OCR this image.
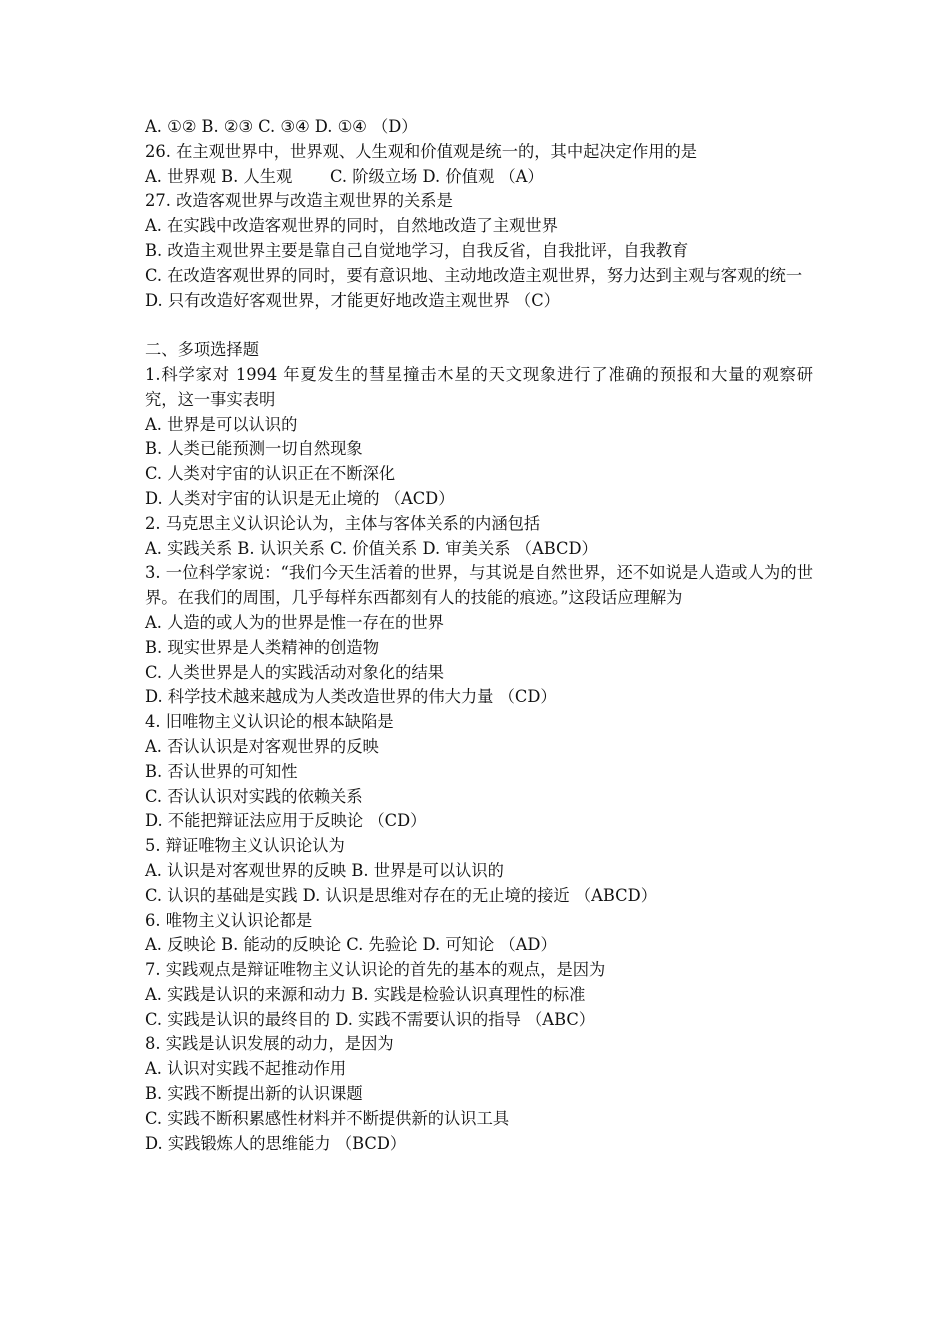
A. ①② B. ②③ C. ③④ D. ①④ （D）

26. 在主观世界中，世界观、人生观和价值观是统一的，其中起决定作用的是

A. 世界观 B. 人生观 　　C. 阶级立场 D. 价值观 （A）

27. 改造客观世界与改造主观世界的关系是

A. 在实践中改造客观世界的同时，自然地改造了主观世界

B. 改造主观世界主要是靠自己自觉地学习，自我反省，自我批评，自我教育

C. 在改造客观世界的同时，要有意识地、主动地改造主观世界，努力达到主观与客观的统一

D. 只有改造好客观世界，才能更好地改造主观世界 （C）

二、多项选择题

1.科学家对 1994 年夏发生的彗星撞击木星的天文现象进行了准确的预报和大量的观察研究，这一事实表明

A. 世界是可以认识的

B. 人类已能预测一切自然现象

C. 人类对宇宙的认识正在不断深化

D. 人类对宇宙的认识是无止境的 （ACD）

2. 马克思主义认识论认为，主体与客体关系的内涵包括

A. 实践关系 B. 认识关系 C. 价值关系 D. 审美关系 （ABCD）

3. 一位科学家说：“我们今天生活着的世界，与其说是自然世界，还不如说是人造或人为的世界。在我们的周围，几乎每样东西都刻有人的技能的痕迹。”这段话应理解为

A. 人造的或人为的世界是惟一存在的世界

B. 现实世界是人类精神的创造物

C. 人类世界是人的实践活动对象化的结果

D. 科学技术越来越成为人类改造世界的伟大力量 （CD）

4. 旧唯物主义认识论的根本缺陷是

A. 否认认识是对客观世界的反映

B. 否认世界的可知性

C. 否认认识对实践的依赖关系

D. 不能把辩证法应用于反映论 （CD）

5. 辩证唯物主义认识论认为

A. 认识是对客观世界的反映 B. 世界是可以认识的

C. 认识的基础是实践 D. 认识是思维对存在的无止境的接近 （ABCD）

6. 唯物主义认识论都是

A. 反映论 B. 能动的反映论 C. 先验论 D. 可知论 （AD）

7. 实践观点是辩证唯物主义认识论的首先的基本的观点，是因为

A. 实践是认识的来源和动力 B. 实践是检验认识真理性的标准

C. 实践是认识的最终目的 D. 实践不需要认识的指导 （ABC）

8. 实践是认识发展的动力，是因为

A. 认识对实践不起推动作用

B. 实践不断提出新的认识课题

C. 实践不断积累感性材料并不断提供新的认识工具

D. 实践锻炼人的思维能力 （BCD）
